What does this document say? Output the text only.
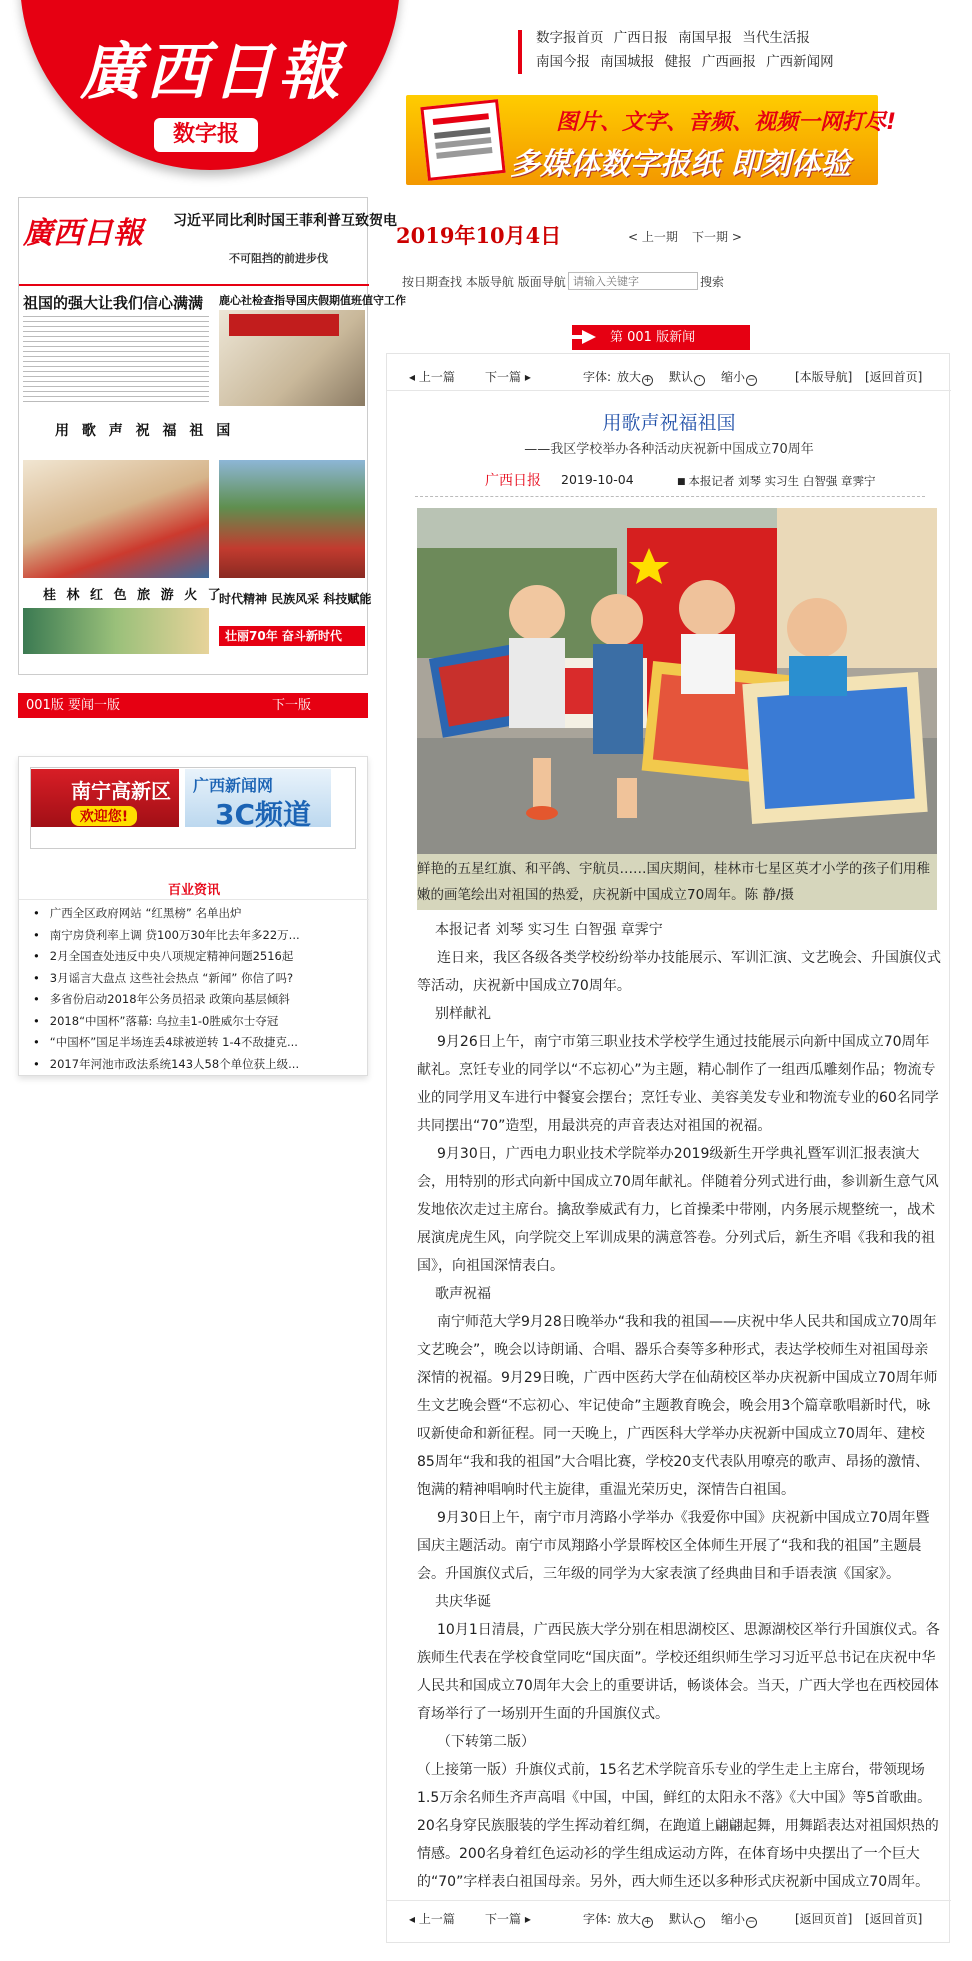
廣西日報
数字报
数字报首页 广西日报 南国早报 当代生活报
南国今报 南国城报 健报 广西画报 广西新闻网
图片、文字、音频、视频一网打尽!
多媒体数字报纸 即刻体验
廣西日報	习近平同比利时国王菲利普互致贺电
不可阻挡的前进步伐
祖国的强大让我们信心满满 鹿心社检查指导国庆假期值班值守工作
用 歌 声 祝 福 祖 国
桂 林 红 色 旅 游 火 了
时代精神 民族风采 科技赋能
壮丽70年 奋斗新时代
001版 要闻一版	下一版
南宁高新区
欢迎您!
广西新闻网
3C频道
百业资讯
• 广西全区政府网站 “红黑榜” 名单出炉
• 南宁房贷利率上调 贷100万30年比去年多22万...
• 2月全国查处违反中央八项规定精神问题2516起
• 3月谣言大盘点 这些社会热点 “新闻” 你信了吗?
• 多省份启动2018年公务员招录 政策向基层倾斜
• 2018“中国杯”落幕: 乌拉圭1-0胜威尔士夺冠
• “中国杯”国足半场连丢4球被逆转 1-4不敌捷克...
• 2017年河池市政法系统143人58个单位获上级...
2019年10月4日	< 上一期 下一期 >
按日期查找 本版导航 版面导航
请输入关键字	搜索
第 001 版新闻
◂ 上一篇	下一篇 ▸	字体: 放大 + 默认 ·	缩小 −	[本版导航] [返回首页]
用歌声祝福祖国
——我区学校举办各种活动庆祝新中国成立70周年
广西日报 2019-10-04
■	本报记者 刘琴 实习生 白智强 章霁宁
鲜艳的五星红旗、和平鸽、宇航员……国庆期间，桂林市七星区英才小学的孩子们用稚嫩的画笔绘出对祖国的热爱，庆祝新中国成立70周年。陈 静/摄

本报记者 刘琴 实习生 白智强 章霁宁

连日来，我区各级各类学校纷纷举办技能展示、军训汇演、文艺晚会、升国旗仪式等活动，庆祝新中国成立70周年。

别样献礼

9月26日上午，南宁市第三职业技术学校学生通过技能展示向新中国成立70周年献礼。烹饪专业的同学以“不忘初心”为主题，精心制作了一组西瓜雕刻作品；物流专业的同学用叉车进行中餐宴会摆台；烹饪专业、美容美发专业和物流专业的60名同学共同摆出“70”造型，用最洪亮的声音表达对祖国的祝福。

9月30日，广西电力职业技术学院举办2019级新生开学典礼暨军训汇报表演大会，用特别的形式向新中国成立70周年献礼。伴随着分列式进行曲，参训新生意气风发地依次走过主席台。擒敌拳威武有力，匕首操柔中带刚，内务展示规整统一，战术展演虎虎生风，向学院交上军训成果的满意答卷。分列式后，新生齐唱《我和我的祖国》，向祖国深情表白。

歌声祝福

南宁师范大学9月28日晚举办“我和我的祖国——庆祝中华人民共和国成立70周年文艺晚会”，晚会以诗朗诵、合唱、器乐合奏等多种形式，表达学校师生对祖国母亲深情的祝福。9月29日晚，广西中医药大学在仙葫校区举办庆祝新中国成立70周年师生文艺晚会暨“不忘初心、牢记使命”主题教育晚会，晚会用3个篇章歌唱新时代，咏叹新使命和新征程。同一天晚上，广西医科大学举办庆祝新中国成立70周年、建校85周年“我和我的祖国”大合唱比赛，学校20支代表队用嘹亮的歌声、昂扬的激情、饱满的精神唱响时代主旋律，重温光荣历史，深情告白祖国。

9月30日上午，南宁市月湾路小学举办《我爱你中国》庆祝新中国成立70周年暨国庆主题活动。南宁市凤翔路小学景晖校区全体师生开展了“我和我的祖国”主题晨会。升国旗仪式后，三年级的同学为大家表演了经典曲目和手语表演《国家》。

共庆华诞

10月1日清晨，广西民族大学分别在相思湖校区、思源湖校区举行升国旗仪式。各族师生代表在学校食堂同吃“国庆面”。学校还组织师生学习习近平总书记在庆祝中华人民共和国成立70周年大会上的重要讲话，畅谈体会。当天，广西大学也在西校园体育场举行了一场别开生面的升国旗仪式。

（下转第二版）

（上接第一版）升旗仪式前，15名艺术学院音乐专业的学生走上主席台，带领现场1.5万余名师生齐声高唱《中国，中国，鲜红的太阳永不落》《大中国》等5首歌曲。20名身穿民族服装的学生挥动着红绸，在跑道上翩翩起舞，用舞蹈表达对祖国炽热的情感。200名身着红色运动衫的学生组成运动方阵，在体育场中央摆出了一个巨大的“70”字样表白祖国母亲。另外，西大师生还以多种形式庆祝新中国成立70周年。

◂ 上一篇	下一篇 ▸	字体: 放大 + 默认 ·	缩小 −	[返回页首] [返回首页]
